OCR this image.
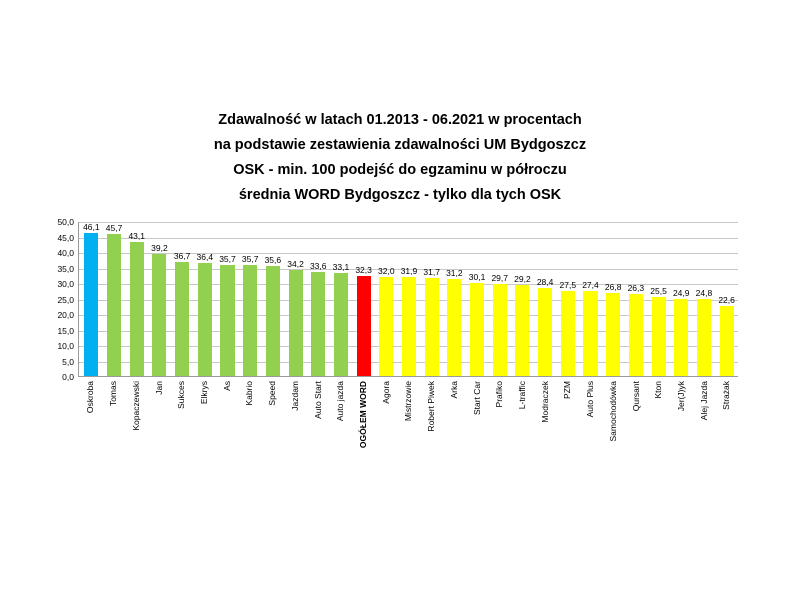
Zdawalność w latach 01.2013 - 06.2021 w procentach
na podstawie zestawienia zdawalności UM Bydgoszcz
OSK - min. 100 podejść do egzaminu w półroczu
średnia WORD Bydgoszcz - tylko dla tych OSK
50,0
45,0
40,0
35,0
30,0
25,0
20,0
15,0
10,0
5,0
0,0
46,1 45,7
43,1
39,2
36,7 36,4 35,7 35,7 35,6 34,2 33,6 33,1 32,3 32,0 31,9 31,7 31,2 30,1 29,7 29,2 28,4 27,5 27,4 26,8 26,3 25,5 24,9 24,8
22,6
Oskroba Tomas Kopaczewski Jan Sukces Elkrys As Kabrio Speed Jazdam Auto Start Auto jazda OGÓŁEM WORD Agora Mistrzowie Robert Piwek Arka Start Car Prafiko L-traffic Modraczek PZM Auto Plus Samochodówka Qursant Kton Jer(J)yk Alej Jazda Strażak
